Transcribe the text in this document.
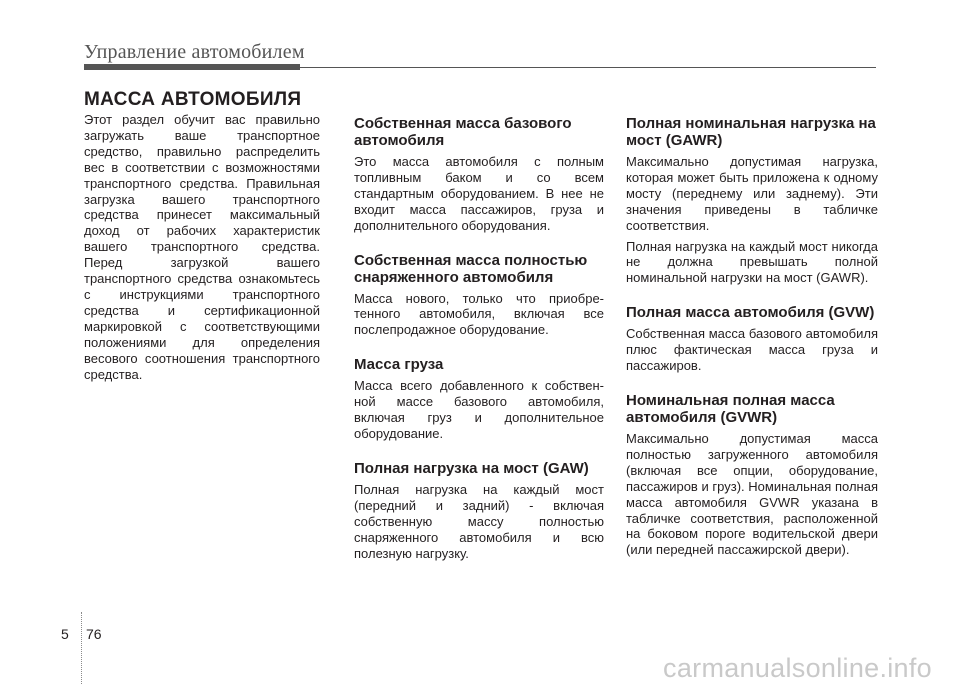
Управление автомобилем
МАССА АВТОМОБИЛЯ

Этот раздел обучит вас правильно загружать ваше транспортное средство, правильно распределить вес в соответствии с возможностями транспортного средства. Правильная загрузка вашего транспортного средства принесет максимальный доход от рабочих характеристик вашего транспортного средства. Перед загрузкой вашего транспортного средства ознакомьтесь с инструкциями транспортного средства и сертификационной маркировкой с соответствующими положениями для определения весового соотношения транспортного средства.

Собственная масса базового автомобиля

Это масса автомобиля с полным топливным баком и со всем стандартным оборудованием. В нее не входит масса пассажиров, груза и дополнительного оборудования.

Собственная масса полностью снаряженного автомобиля

Масса нового, только что приобре-тенного автомобиля, включая все послепродажное оборудование.

Масса груза

Масса всего добавленного к собствен-ной массе базового автомобиля, включая груз и дополнительное оборудование.

Полная нагрузка на мост (GAW)

Полная нагрузка на каждый мост (передний и задний) - включая собственную массу полностью снаряженного автомобиля и всю полезную нагрузку.

Полная номинальная нагрузка на мост (GAWR)

Максимально допустимая нагрузка, которая может быть приложена к одному мосту (переднему или заднему). Эти значения приведены в табличке соответствия.

Полная нагрузка на каждый мост никогда не должна превышать полной номинальной нагрузки на мост (GAWR).

Полная масса автомобиля (GVW)

Собственная масса базового автомобиля плюс фактическая масса груза и пассажиров.

Номинальная полная масса автомобиля (GVWR)

Максимально допустимая масса полностью загруженного автомобиля (включая все опции, оборудование, пассажиров и груз). Номинальная полная масса автомобиля GVWR указана в табличке соответствия, расположенной на боковом пороге водительской двери (или передней пассажирской двери).

5 76
carmanualsonline.info
